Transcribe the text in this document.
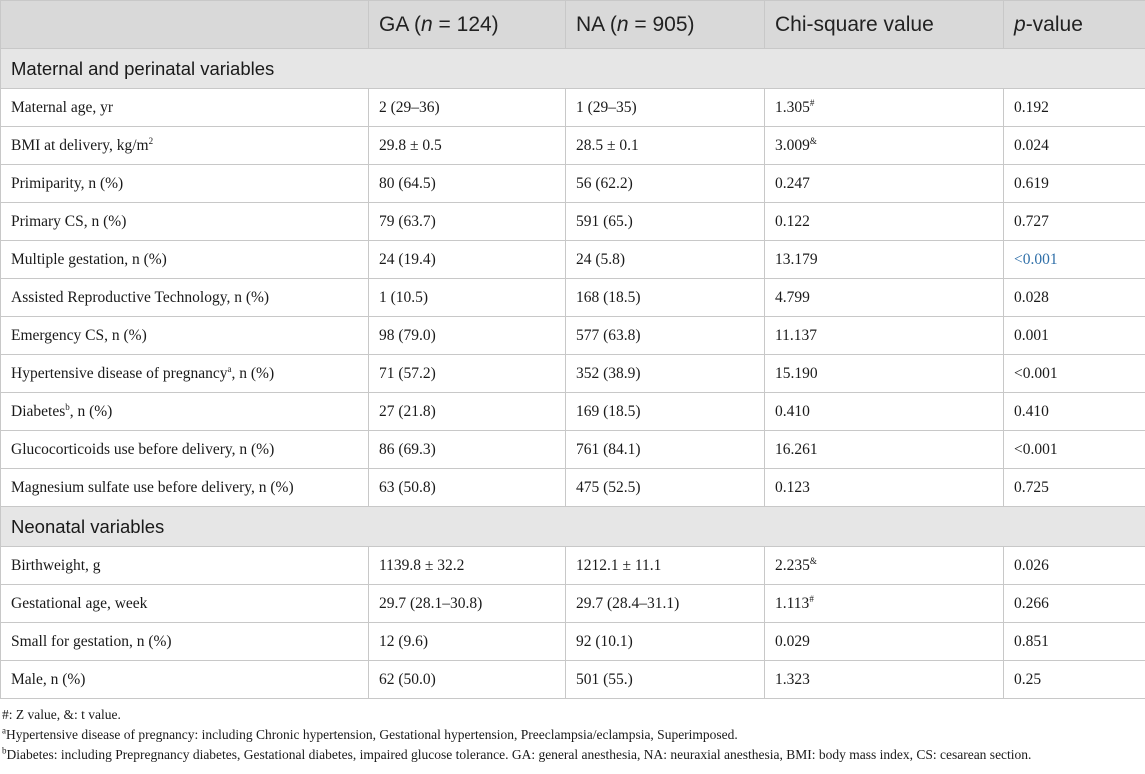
	GA (n = 124)	NA (n = 905)	Chi-square value	p-value
Maternal and perinatal variables				
Maternal age, yr	2 (29–36)	1 (29–35)	1.305#	0.192
BMI at delivery, $kg/m^2$	29.8 ± 0.5	28.5 ± 0.1	3.009&	0.024
Primiparity, n (%)	80 (64.5)	56 (62.2)	0.247	0.619
Primary CS, n (%)	79 (63.7)	591 (65.)	0.122	0.727
Multiple gestation, n (%)	24 (19.4)	24 (5.8)	13.179	<0.001
Assisted Reproductive Technology, n (%)	1 (10.5)	168 (18.5)	4.799	0.028
Emergency CS, n (%)	98 (79.0)	577 (63.8)	11.137	0.001
Hypertensive disease of pregnancy$^a$, n (%)	71 (57.2)	352 (38.9)	15.190	<0.001
Diabetes$^b$, n (%)	27 (21.8)	169 (18.5)	0.410	0.410
Glucocorticoids use before delivery, n (%)	86 (69.3)	761 (84.1)	16.261	<0.001
Magnesium sulfate use before delivery, n (%)	63 (50.8)	475 (52.5)	0.123	0.725
Neonatal variables				
Birthweight, g	1139.8 ± 32.2	1212.1 ± 11.1	2.235&	0.026
Gestational age, week	29.7 (28.1–30.8)	29.7 (28.4–31.1)	1.113#	0.266
Small for gestation, n (%)	12 (9.6)	92 (10.1)	0.029	0.851
Male, n (%)	62 (50.0)	501 (55.)	1.323	0.25
#: Z value, &: t value.
$^a$Hypertensive disease of pregnancy: including Chronic hypertension, Gestational hypertension, Preeclampsia/eclampsia, Superimposed.
$^b$Diabetes: including Prepregnancy diabetes, Gestational diabetes, impaired glucose tolerance. GA: general anesthesia, NA: neuraxial anesthesia, BMI: body mass index, CS: cesarean section.
